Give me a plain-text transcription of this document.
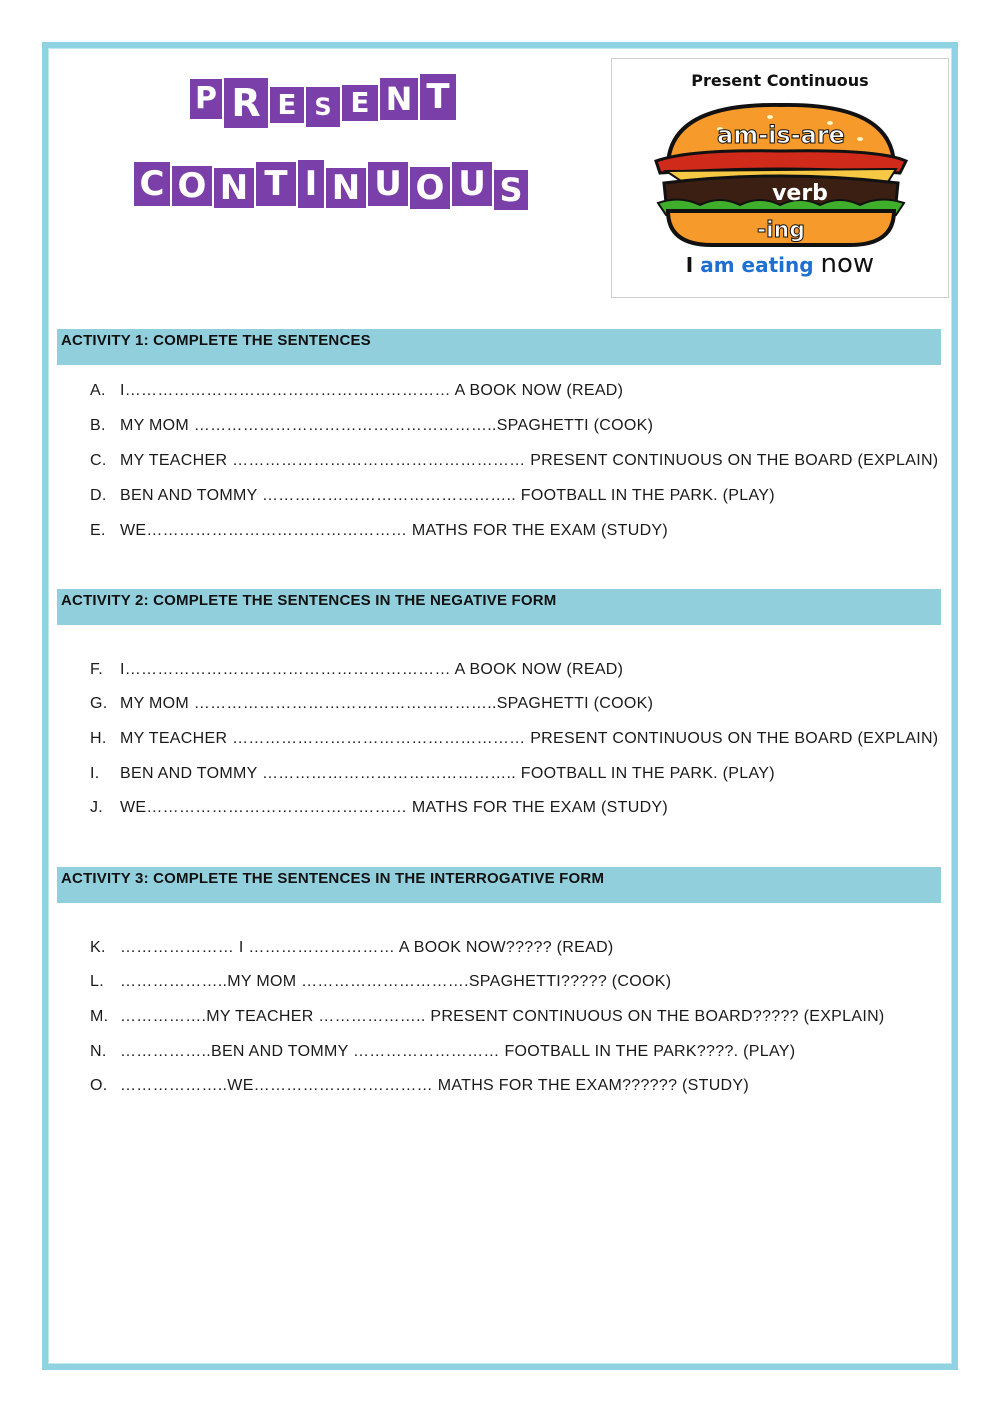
P R E S E N T
C O N T I N U O U S
Present Continuous
am-is-are
verb
-ing
I am eating now
ACTIVITY 1: COMPLETE THE SENTENCES
A. I…………………………………………………… A BOOK NOW (READ)
B. MY MOM ………………………………………………..SPAGHETTI (COOK)
C. MY TEACHER ……………………………………………… PRESENT CONTINUOUS ON THE BOARD (EXPLAIN)
D. BEN AND TOMMY ……………………………………….. FOOTBALL IN THE PARK. (PLAY)
E. WE………………………………………… MATHS FOR THE EXAM (STUDY)
ACTIVITY 2: COMPLETE THE SENTENCES IN THE NEGATIVE FORM
F. I…………………………………………………… A BOOK NOW (READ)
G. MY MOM ………………………………………………..SPAGHETTI (COOK)
H. MY TEACHER ……………………………………………… PRESENT CONTINUOUS ON THE BOARD (EXPLAIN)
I. BEN AND TOMMY ……………………………………….. FOOTBALL IN THE PARK. (PLAY)
J. WE………………………………………… MATHS FOR THE EXAM (STUDY)
ACTIVITY 3: COMPLETE THE SENTENCES IN THE INTERROGATIVE FORM
K. ………………… I ……………………… A BOOK NOW????? (READ)
L. ………………..MY MOM ………………………….SPAGHETTI????? (COOK)
M. …………….MY TEACHER ……………….. PRESENT CONTINUOUS ON THE BOARD????? (EXPLAIN)
N. ……………..BEN AND TOMMY ……………………… FOOTBALL IN THE PARK????. (PLAY)
O. ………………..WE…………………………… MATHS FOR THE EXAM?????? (STUDY)
